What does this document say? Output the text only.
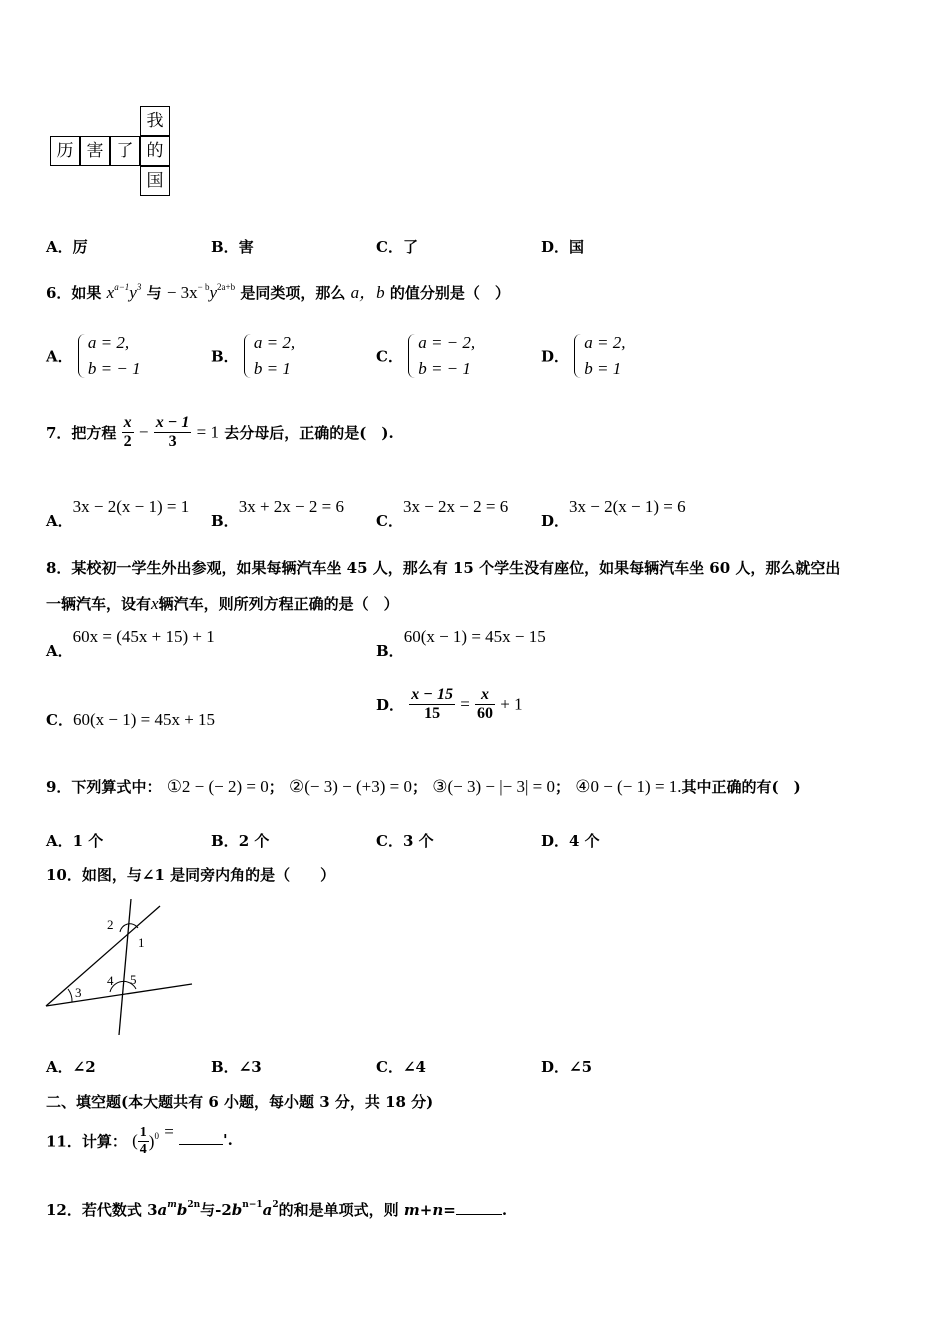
我
历 害 了 的
国
A．厉	B．害	C．了	D．国
6．如果 $x^{a-1}y^3$ 与 − $3x^{- b}y^{2a+b}$ 是同类项，那么 a，b 的值分别是（　）
A． a = 2,
b = − 1
B． a = 2,
b = 1
C． a = − 2,
b = − 1
D． a = 2,
b = 1
7．把方程 $\frac{x}{2} - \frac{x - 1}{3} = 1$ 去分母后，正确的是(　).
A．3x − 2(x − 1) = 1
B．3x + 2x − 2 = 6
C．3x − 2x − 2 = 6
D．3x − 2(x − 1) = 6
8．某校初一学生外出参观，如果每辆汽车坐 45 人，那么有 15 个学生没有座位，如果每辆汽车坐 60 人，那么就空出
一辆汽车，设有x辆汽车，则所列方程正确的是（　）
A．60x = (45x + 15) + 1
B．60(x − 1) = 45x − 15
C．60(x − 1) = 45x + 15
D． $\frac{x - 15}{15} = \frac{x}{60} + 1$
9．下列算式中： ①2 − (− 2) = 0； ②(− 3) − (+3) = 0； ③(− 3) − |− 3| = 0； ④0 − (− 1) = 1.其中正确的有(　)
A．1 个	B．2 个	C．3 个	D．4 个
10．如图，与∠1 是同旁内角的是（　　）
2
1
4 5
3
A．∠2	B．∠3	C．∠4	D．∠5
二、填空题(本大题共有 6 小题，每小题 3 分，共 18 分)
11．计算： ( $\frac{1}{4} )^0$ =	'.
12．若代数式 $3a^mb^{2n}$与$-2b^{n-1}a^2$的和是单项式，则 m+n=	.
